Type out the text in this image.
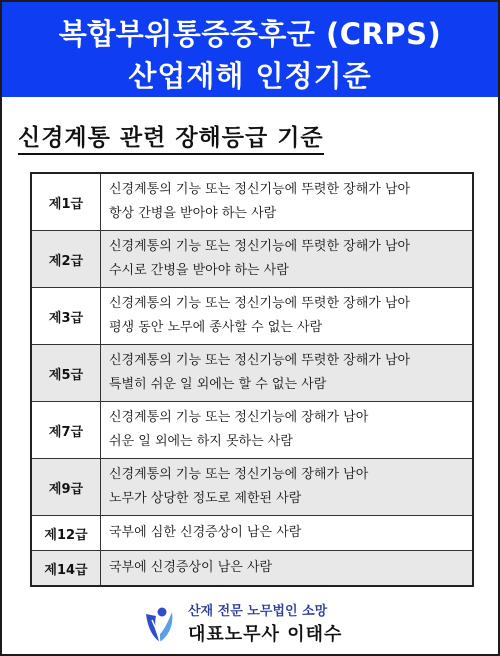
복합부위통증증후군 (CRPS)
산업재해 인정기준
신경계통 관련 장해등급 기준
제1급	신경계통의 기능 또는 정신기능에 뚜렷한 장해가 남아
항상 간병을 받아야 하는 사람

제2급	신경계통의 기능 또는 정신기능에 뚜렷한 장해가 남아
수시로 간병을 받아야 하는 사람

제3급	신경계통의 기능 또는 정신기능에 뚜렷한 장해가 남아
평생 동안 노무에 종사할 수 없는 사람

제5급	신경계통의 기능 또는 정신기능에 뚜렷한 장해가 남아
특별히 쉬운 일 외에는 할 수 없는 사람

제7급	신경계통의 기능 또는 정신기능에 장해가 남아
쉬운 일 외에는 하지 못하는 사람

제9급	신경계통의 기능 또는 정신기능에 장해가 남아
노무가 상당한 정도로 제한된 사람

제12급	국부에 심한 신경증상이 남은 사람

제14급	국부에 신경증상이 남은 사람
산재 전문 노무법인 소망
대표노무사 이태수
